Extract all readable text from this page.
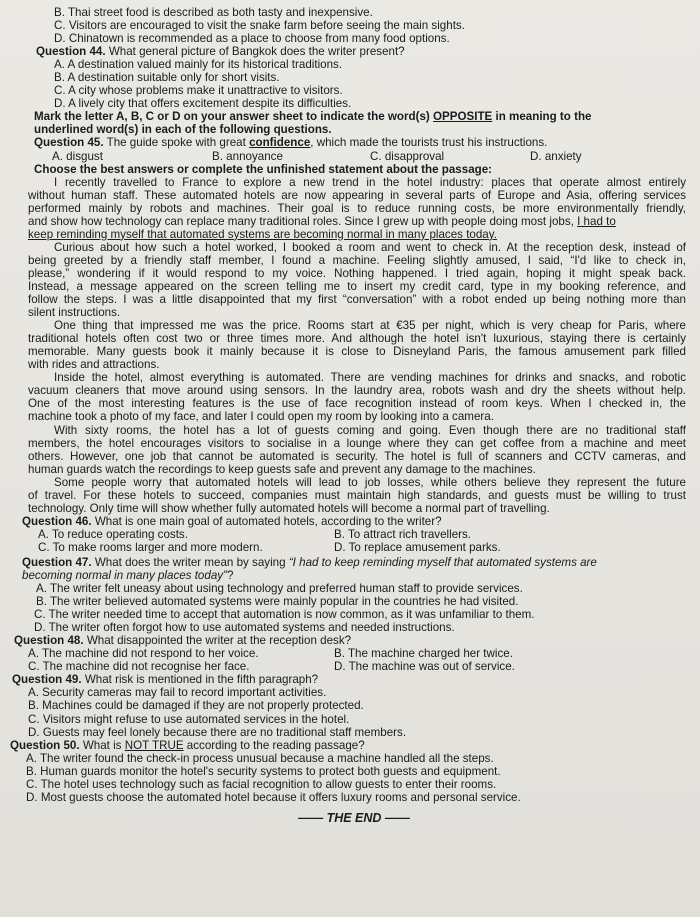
B. Thai street food is described as both tasty and inexpensive.
C. Visitors are encouraged to visit the snake farm before seeing the main sights.
D. Chinatown is recommended as a place to choose from many food options.
Question 44. What general picture of Bangkok does the writer present?
A. A destination valued mainly for its historical traditions.
B. A destination suitable only for short visits.
C. A city whose problems make it unattractive to visitors.
D. A lively city that offers excitement despite its difficulties.
Mark the letter A, B, C or D on your answer sheet to indicate the word(s) OPPOSITE in meaning to the
underlined word(s) in each of the following questions.
Question 45. The guide spoke with great confidence, which made the tourists trust his instructions.
A. disgust	B. annoyance	C. disapproval	D. anxiety
Choose the best answers or complete the unfinished statement about the passage:
I recently travelled to France to explore a new trend in the hotel industry: places that operate almost entirely
without human staff. These automated hotels are now appearing in several parts of Europe and Asia, offering services
performed mainly by robots and machines. Their goal is to reduce running costs, be more environmentally friendly,
and show how technology can replace many traditional roles. Since I grew up with people doing most jobs, I had to
keep reminding myself that automated systems are becoming normal in many places today.
Curious about how such a hotel worked, I booked a room and went to check in. At the reception desk, instead of
being greeted by a friendly staff member, I found a machine. Feeling slightly amused, I said, “I'd like to check in,
please,” wondering if it would respond to my voice. Nothing happened. I tried again, hoping it might speak back.
Instead, a message appeared on the screen telling me to insert my credit card, type in my booking reference, and
follow the steps. I was a little disappointed that my first “conversation” with a robot ended up being nothing more than
silent instructions.
One thing that impressed me was the price. Rooms start at €35 per night, which is very cheap for Paris, where
traditional hotels often cost two or three times more. And although the hotel isn't luxurious, staying there is certainly
memorable. Many guests book it mainly because it is close to Disneyland Paris, the famous amusement park filled
with rides and attractions.
Inside the hotel, almost everything is automated. There are vending machines for drinks and snacks, and robotic
vacuum cleaners that move around using sensors. In the laundry area, robots wash and dry the sheets without help.
One of the most interesting features is the use of face recognition instead of room keys. When I checked in, the
machine took a photo of my face, and later I could open my room by looking into a camera.
With sixty rooms, the hotel has a lot of guests coming and going. Even though there are no traditional staff
members, the hotel encourages visitors to socialise in a lounge where they can get coffee from a machine and meet
others. However, one job that cannot be automated is security. The hotel is full of scanners and CCTV cameras, and
human guards watch the recordings to keep guests safe and prevent any damage to the machines.
Some people worry that automated hotels will lead to job losses, while others believe they represent the future
of travel. For these hotels to succeed, companies must maintain high standards, and guests must be willing to trust
technology. Only time will show whether fully automated hotels will become a normal part of travelling.
Question 46. What is one main goal of automated hotels, according to the writer?
A. To reduce operating costs.	B. To attract rich travellers.
C. To make rooms larger and more modern.	D. To replace amusement parks.
Question 47. What does the writer mean by saying “I had to keep reminding myself that automated systems are
becoming normal in many places today”?
A. The writer felt uneasy about using technology and preferred human staff to provide services.
B. The writer believed automated systems were mainly popular in the countries he had visited.
C. The writer needed time to accept that automation is now common, as it was unfamiliar to them.
D. The writer often forgot how to use automated systems and needed instructions.
Question 48. What disappointed the writer at the reception desk?
A. The machine did not respond to her voice.	B. The machine charged her twice.
C. The machine did not recognise her face.	D. The machine was out of service.
Question 49. What risk is mentioned in the fifth paragraph?
A. Security cameras may fail to record important activities.
B. Machines could be damaged if they are not properly protected.
C. Visitors might refuse to use automated services in the hotel.
D. Guests may feel lonely because there are no traditional staff members.
Question 50. What is NOT TRUE according to the reading passage?
A. The writer found the check-in process unusual because a machine handled all the steps.
B. Human guards monitor the hotel's security systems to protect both guests and equipment.
C. The hotel uses technology such as facial recognition to allow guests to enter their rooms.
D. Most guests choose the automated hotel because it offers luxury rooms and personal service.
—— THE END ——
